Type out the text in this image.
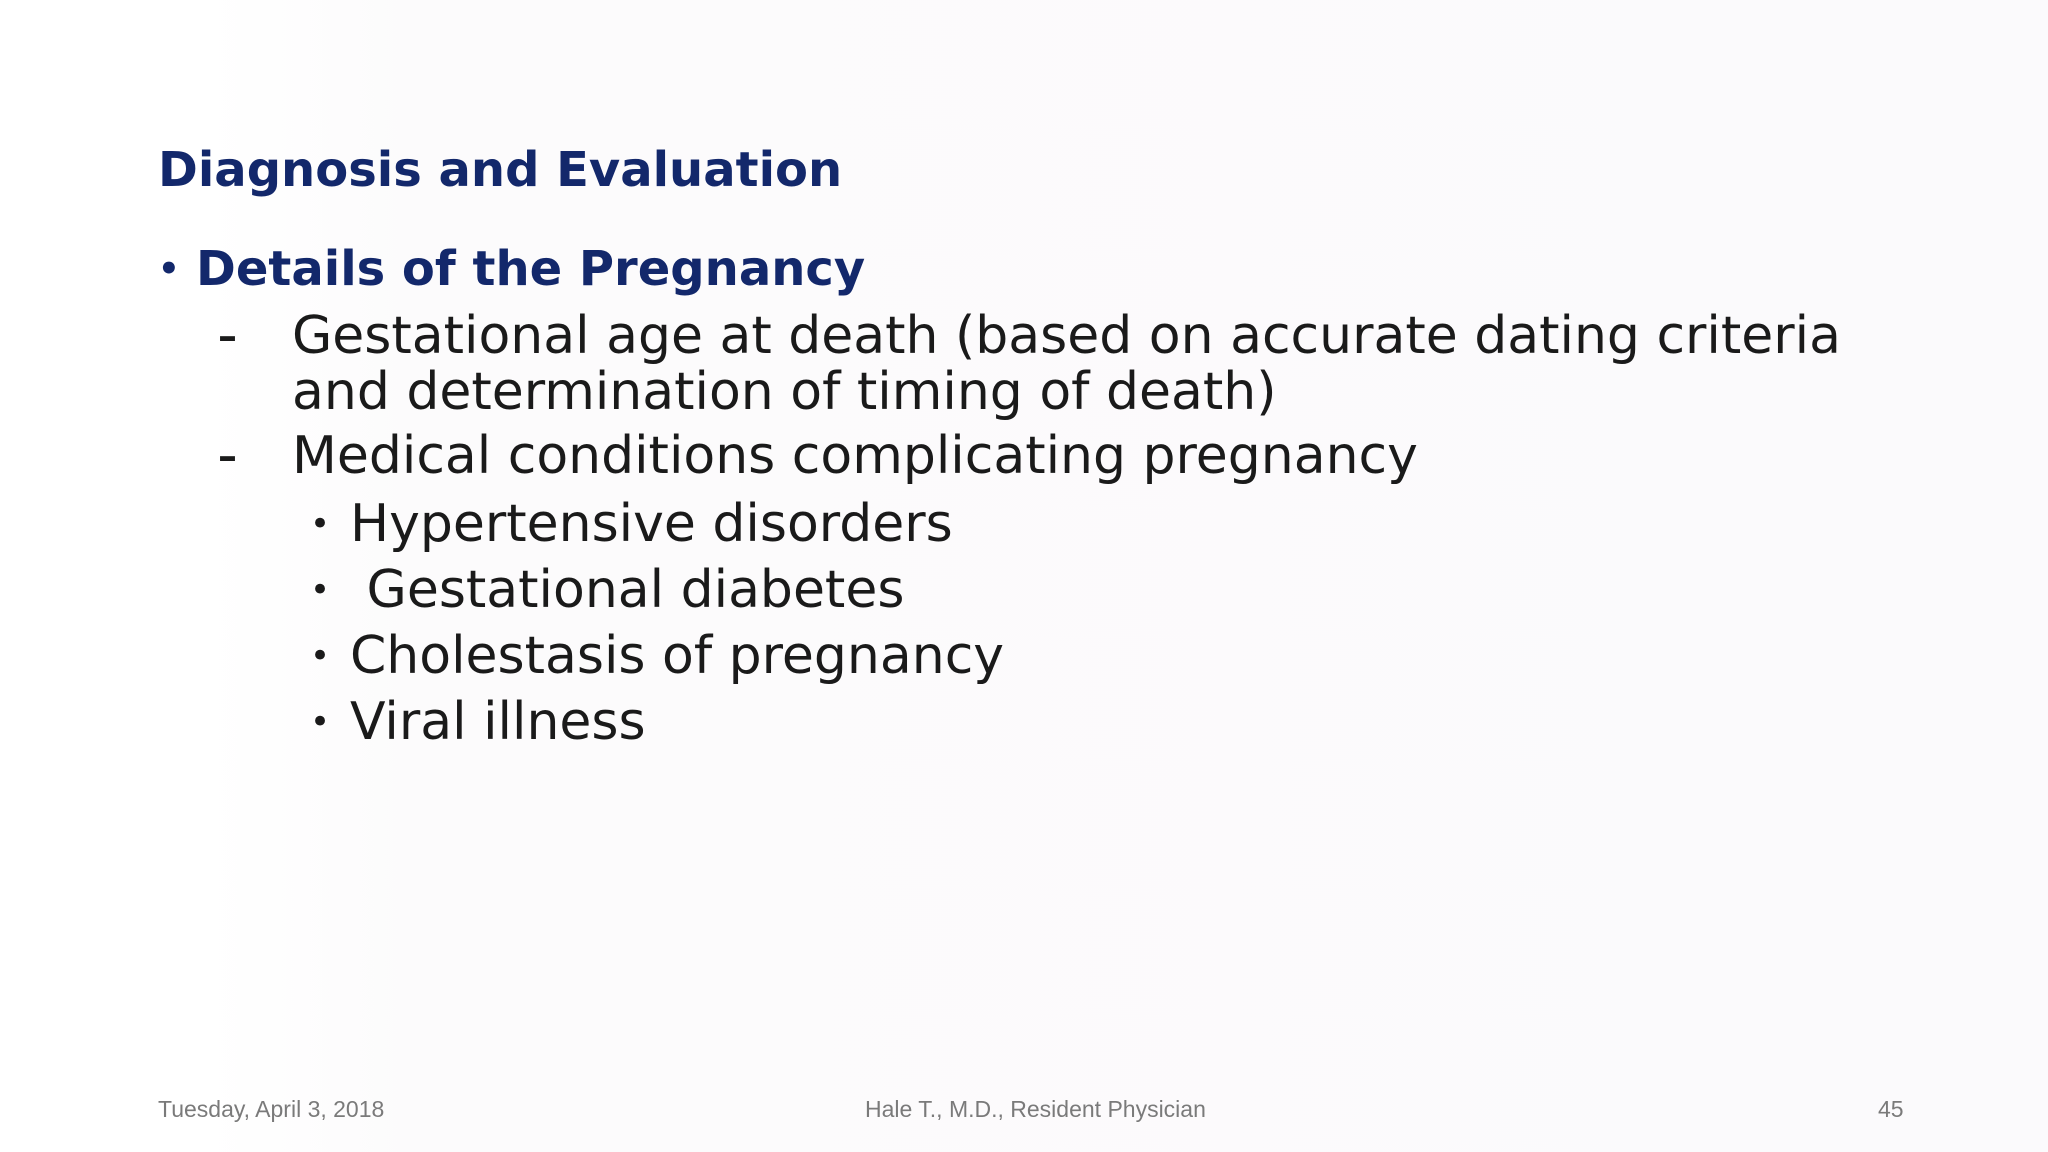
Diagnosis and Evaluation
• Details of the Pregnancy
–	Gestational age at death (based on accurate dating criteria
and determination of timing of death)
–	Medical conditions complicating pregnancy
• Hypertensive disorders
• Gestational diabetes
• Cholestasis of pregnancy
• Viral illness
Tuesday, April 3, 2018	Hale T., M.D., Resident Physician	45
